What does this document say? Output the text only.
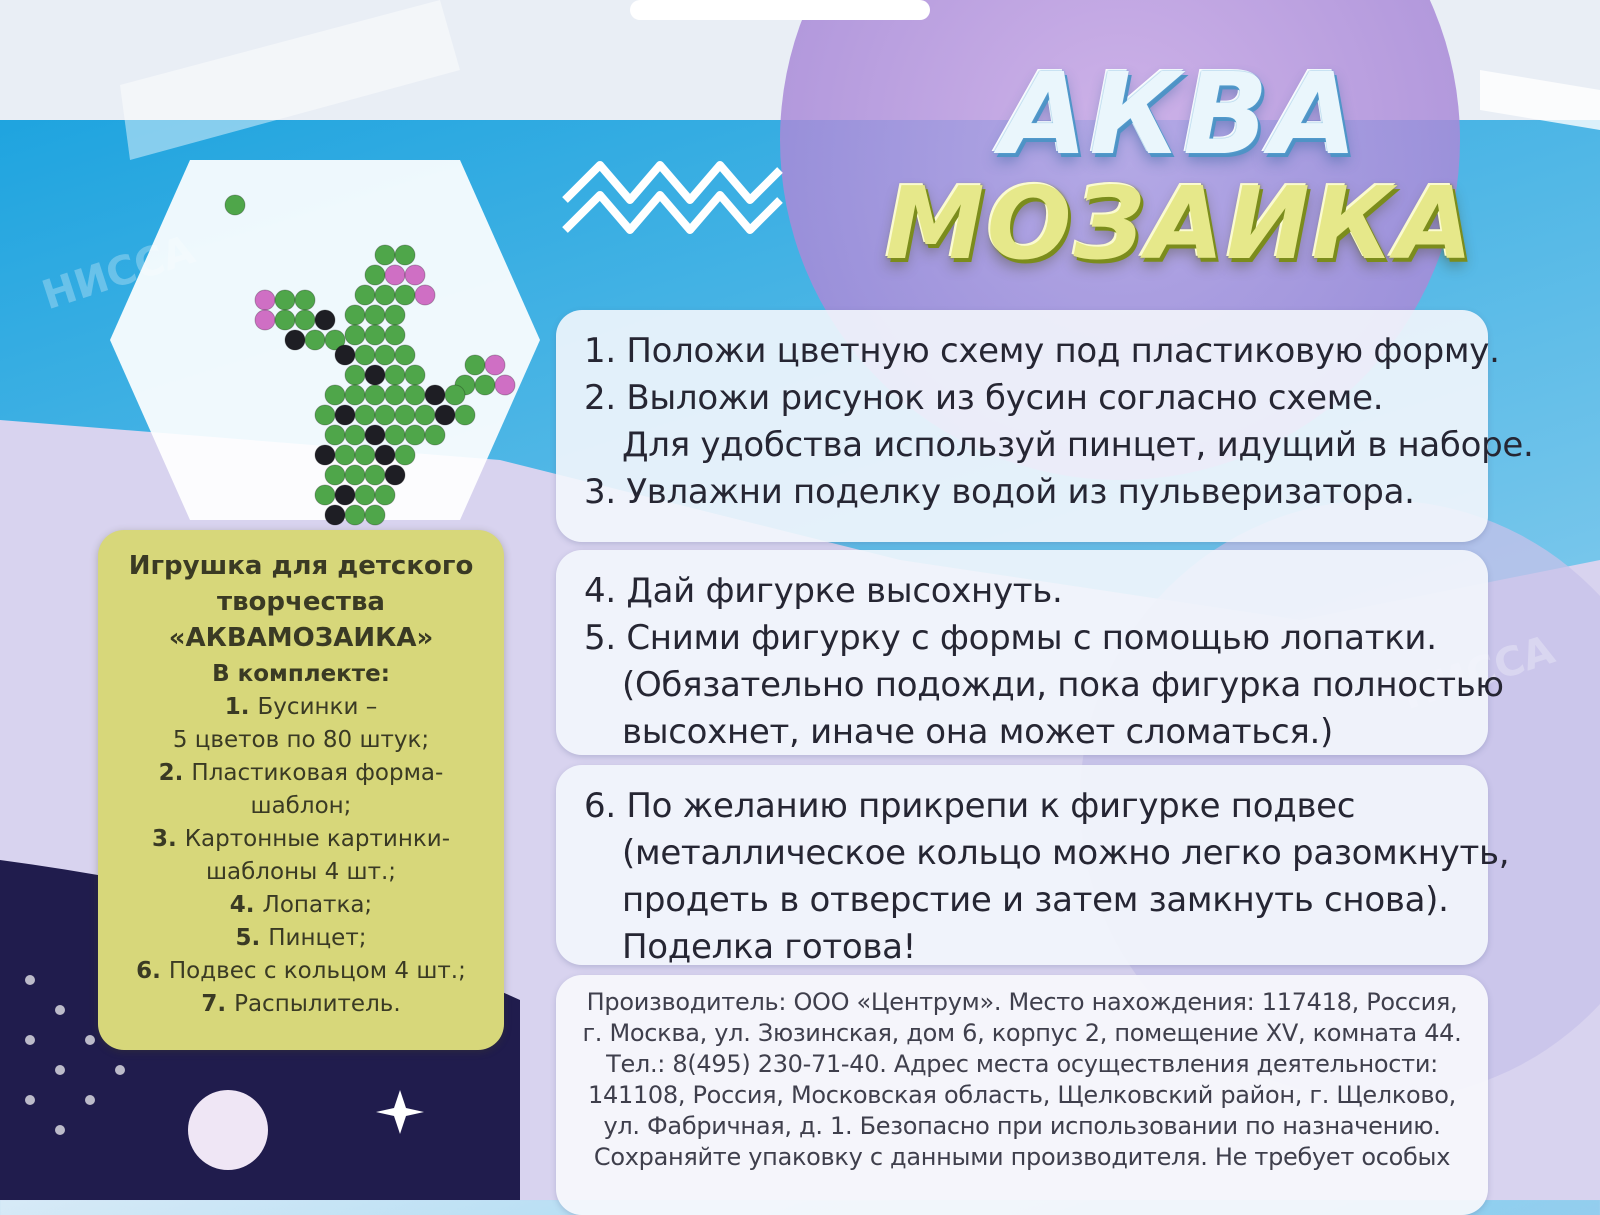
НИССА
АКВА
МОЗАИКА
1. Положи цветную схему под пластиковую форму.
2. Выложи рисунок из бусин согласно схеме.
Для удобства используй пинцет, идущий в наборе.
3. Увлажни поделку водой из пульверизатора.
4. Дай фигурке высохнуть.
5. Сними фигурку с формы с помощью лопатки.
(Обязательно подожди, пока фигурка полностью
высохнет, иначе она может сломаться.)
6. По желанию прикрепи к фигурке подвес
(металлическое кольцо можно легко разомкнуть,
продеть в отверстие и затем замкнуть снова).
Поделка готова!
Игрушка для детского творчества
«АКВАМОЗАИКА»
В комплекте:
1. Бусинки –
5 цветов по 80 штук;
2. Пластиковая форма-
шаблон;
3. Картонные картинки-
шаблоны 4 шт.;
4. Лопатка;
5. Пинцет;
6. Подвес с кольцом 4 шт.;
7. Распылитель.	Производитель: ООО «Центрум». Место нахождения: 117418, Россия,
г. Москва, ул. Зюзинская, дом 6, корпус 2, помещение XV, комната 44.
Тел.: 8(495) 230-71-40. Адрес места осуществления деятельности:
141108, Россия, Московская область, Щелковский район, г. Щелково,
ул. Фабричная, д. 1. Безопасно при использовании по назначению.
Сохраняйте упаковку с данными производителя. Не требует особых
